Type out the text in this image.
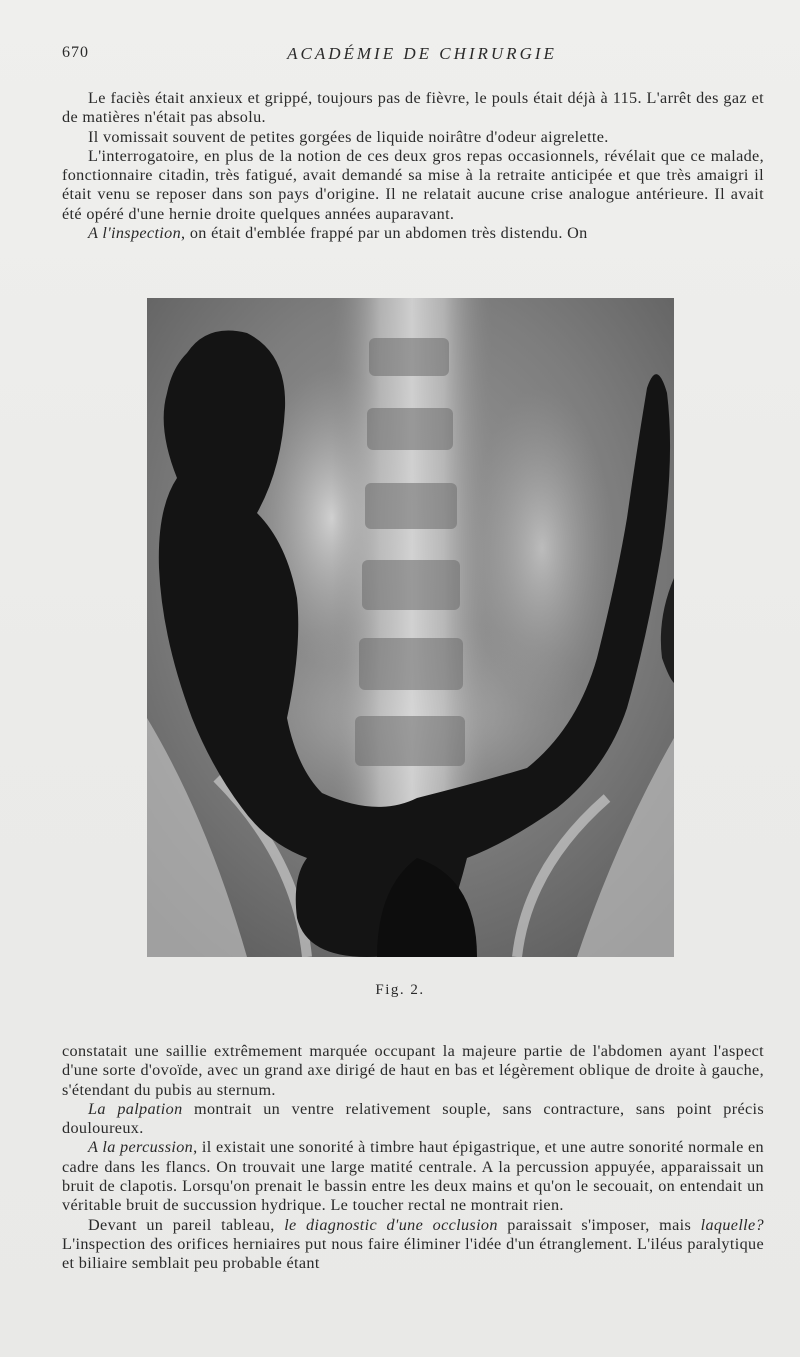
670	ACADÉMIE DE CHIRURGIE
Le faciès était anxieux et grippé, toujours pas de fièvre, le pouls était déjà à 115. L'arrêt des gaz et de matières n'était pas absolu.
Il vomissait souvent de petites gorgées de liquide noirâtre d'odeur aigrelette.
L'interrogatoire, en plus de la notion de ces deux gros repas occasionnels, révélait que ce malade, fonctionnaire citadin, très fatigué, avait demandé sa mise à la retraite anticipée et que très amaigri il était venu se reposer dans son pays d'origine. Il ne relatait aucune crise analogue antérieure. Il avait été opéré d'une hernie droite quelques années auparavant.
A l'inspection, on était d'emblée frappé par un abdomen très distendu. On
Fig. 2.
constatait une saillie extrêmement marquée occupant la majeure partie de l'abdomen ayant l'aspect d'une sorte d'ovoïde, avec un grand axe dirigé de haut en bas et légèrement oblique de droite à gauche, s'étendant du pubis au sternum.
La palpation montrait un ventre relativement souple, sans contracture, sans point précis douloureux.
A la percussion, il existait une sonorité à timbre haut épigastrique, et une autre sonorité normale en cadre dans les flancs. On trouvait une large matité centrale. A la percussion appuyée, apparaissait un bruit de clapotis. Lorsqu'on prenait le bassin entre les deux mains et qu'on le secouait, on entendait un véritable bruit de succussion hydrique. Le toucher rectal ne montrait rien.
Devant un pareil tableau, le diagnostic d'une occlusion paraissait s'imposer, mais laquelle? L'inspection des orifices herniaires put nous faire éliminer l'idée d'un étranglement. L'iléus paralytique et biliaire semblait peu probable étant
